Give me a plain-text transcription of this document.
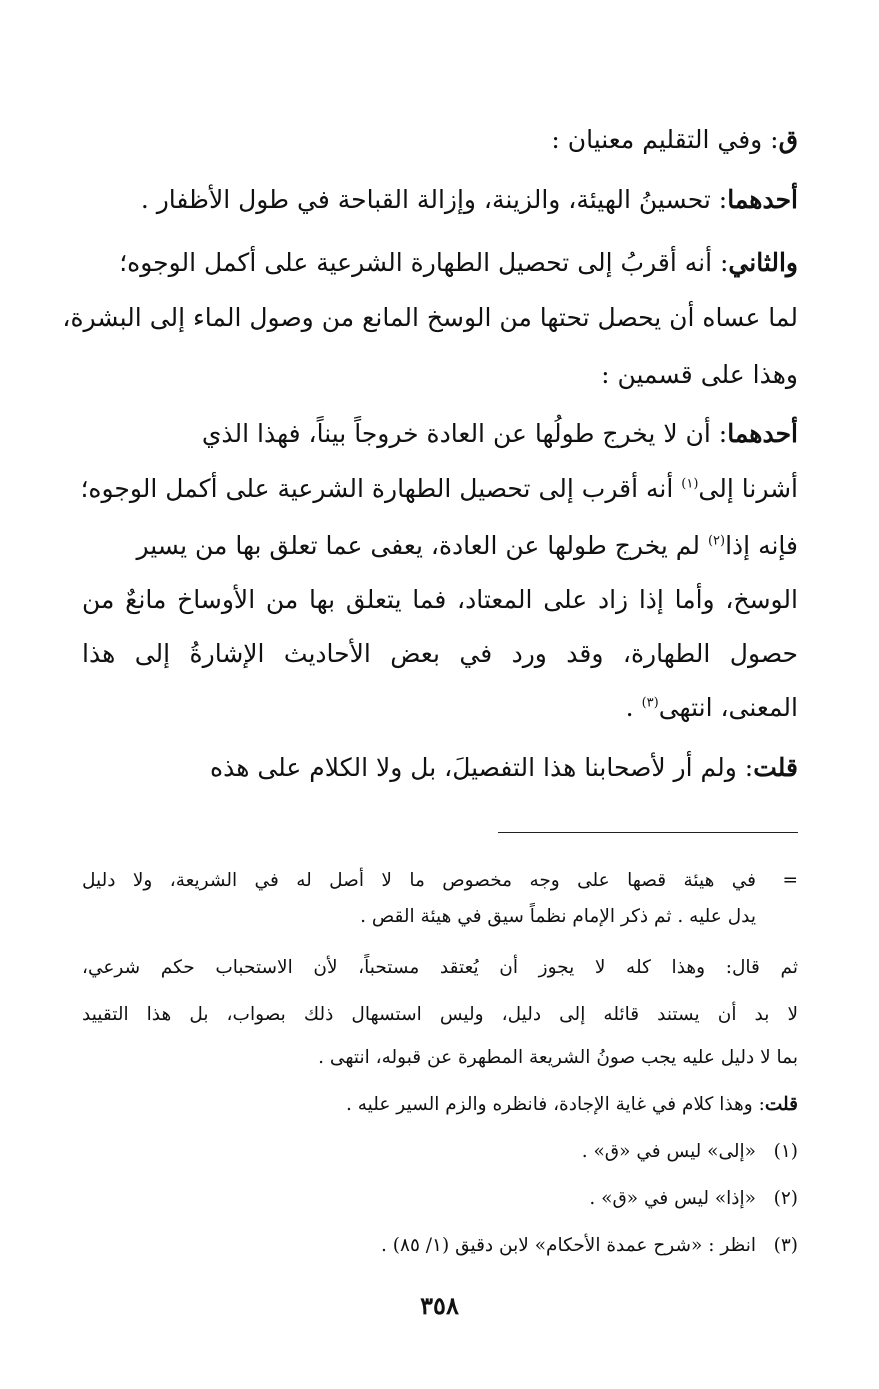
ق: وفي التقليم معنيان :
أحدهما: تحسينُ الهيئة، والزينة، وإزالة القباحة في طول الأظفار .
والثاني: أنه أقربُ إلى تحصيل الطهارة الشرعية على أكمل الوجوه؛
لما عساه أن يحصل تحتها من الوسخ المانع من وصول الماء إلى البشرة،
وهذا على قسمين :
أحدهما: أن لا يخرج طولُها عن العادة خروجاً بيناً، فهذا الذي
أشرنا إلى$^{(١)}$ أنه أقرب إلى تحصيل الطهارة الشرعية على أكمل الوجوه؛
فإنه إذا$^{(٢)}$ لم يخرج طولها عن العادة، يعفى عما تعلق بها من يسير
الوسخ، وأما إذا زاد على المعتاد، فما يتعلق بها من الأوساخ مانعٌ من
حصول الطهارة، وقد ورد في بعض الأحاديث الإشارةُ إلى هذا
المعنى، انتهى$^{(٣)}$ .
قلت: ولم أر لأصحابنا هذا التفصيلَ، بل ولا الكلام على هذه
=
في هيئة قصها على وجه مخصوص ما لا أصل له في الشريعة، ولا دليل
يدل عليه . ثم ذكر الإمام نظماً سيق في هيئة القص .
ثم قال: وهذا كله لا يجوز أن يُعتقد مستحباً، لأن الاستحباب حكم شرعي،
لا بد أن يستند قائله إلى دليل، وليس استسهال ذلك بصواب، بل هذا التقييد
بما لا دليل عليه يجب صونُ الشريعة المطهرة عن قبوله، انتهى .
قلت: وهذا كلام في غاية الإجادة، فانظره والزم السير عليه .
(١)
«إلى» ليس في «ق» .
(٢)
«إذا» ليس في «ق» .
(٣)
انظر : «شرح عمدة الأحكام» لابن دقيق (١/ ٨٥) .
٣٥٨
